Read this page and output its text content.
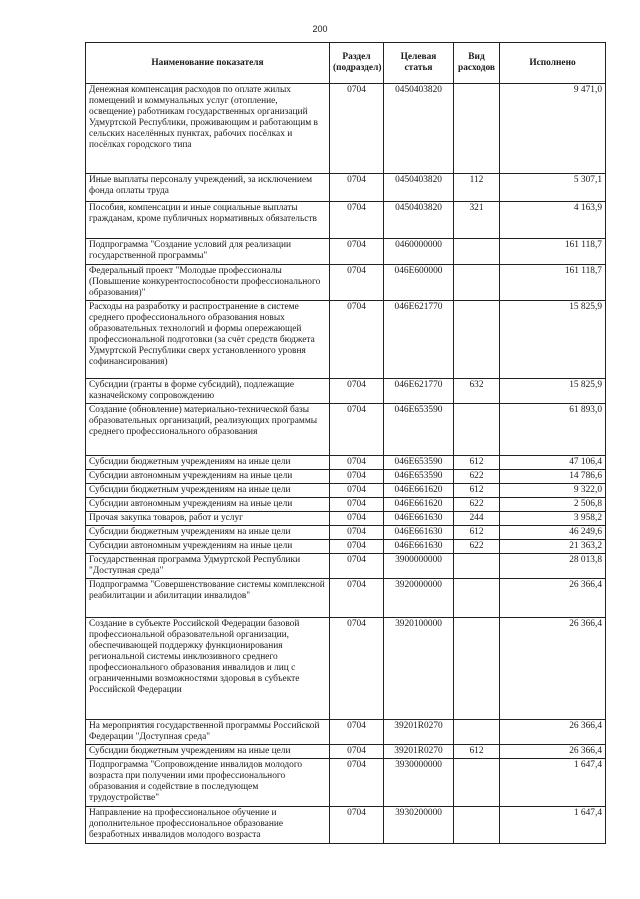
200
Наименование показателя	Раздел (подраздел)	Целевая статья	Вид расходов	Исполнено
Денежная компенсация расходов по оплате жилых помещений и коммунальных услуг (отопление, освещение) работникам государственных организаций Удмуртской Республики, проживающим и работающим в сельских населённых пунктах, рабочих посёлках и посёлках городского типа	0704	0450403820		9 471,0
Иные выплаты персоналу учреждений, за исключением фонда оплаты труда	0704	0450403820	112	5 307,1
Пособия, компенсации и иные социальные выплаты гражданам, кроме публичных нормативных обязательств	0704	0450403820	321	4 163,9
Подпрограмма "Создание условий для реализации государственной программы"	0704	0460000000		161 118,7
Федеральный проект "Молодые профессионалы (Повышение конкурентоспособности профессионального образования)"	0704	046E600000		161 118,7
Расходы на разработку и распространение в системе среднего профессионального образования новых образовательных технологий и формы опережающей профессиональной подготовки (за счёт средств бюджета Удмуртской Республики сверх установленного уровня софинансирования)	0704	046E621770		15 825,9
Субсидии (гранты в форме субсидий), подлежащие казначейскому сопровождению	0704	046E621770	632	15 825,9
Создание (обновление) материально-технической базы образовательных организаций, реализующих программы среднего профессионального образования	0704	046E653590		61 893,0
Субсидии бюджетным учреждениям на иные цели	0704	046E653590	612	47 106,4
Субсидии автономным учреждениям на иные цели	0704	046E653590	622	14 786,6
Субсидии бюджетным учреждениям на иные цели	0704	046E661620	612	9 322,0
Субсидии автономным учреждениям на иные цели	0704	046E661620	622	2 506,8
Прочая закупка товаров, работ и услуг	0704	046E661630	244	3 958,2
Субсидии бюджетным учреждениям на иные цели	0704	046E661630	612	46 249,6
Субсидии автономным учреждениям на иные цели	0704	046E661630	622	21 363,2
Государственная программа Удмуртской Республики "Доступная среда"	0704	3900000000		28 013,8
Подпрограмма "Совершенствование системы комплексной реабилитации и абилитации инвалидов"	0704	3920000000		26 366,4
Создание в субъекте Российской Федерации базовой профессиональной образовательной организации, обеспечивающей поддержку функционирования региональной системы инклюзивного среднего профессионального образования инвалидов и лиц с ограниченными возможностями здоровья в субъекте Российской Федерации	0704	3920100000		26 366,4
На мероприятия государственной программы Российской Федерации "Доступная среда"	0704	39201R0270		26 366,4
Субсидии бюджетным учреждениям на иные цели	0704	39201R0270	612	26 366,4
Подпрограмма "Сопровождение инвалидов молодого возраста при получении ими профессионального образования и содействие в последующем трудоустройстве"	0704	3930000000		1 647,4
Направление на профессиональное обучение и дополнительное профессиональное образование безработных инвалидов молодого возраста	0704	3930200000		1 647,4
